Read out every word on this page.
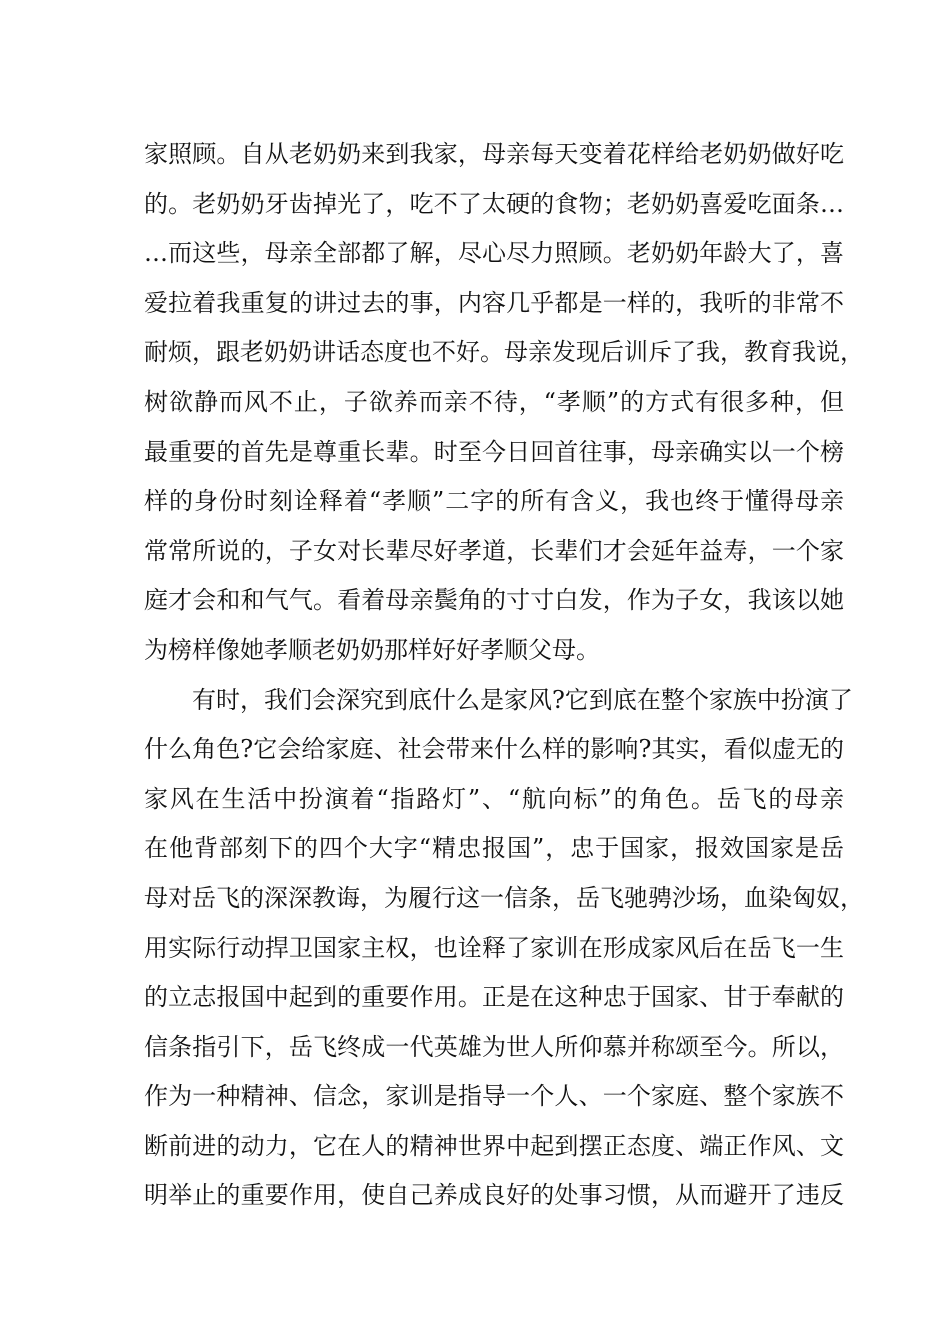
家照顾。自从老奶奶来到我家，母亲每天变着花样给老奶奶做好吃
的。老奶奶牙齿掉光了，吃不了太硬的食物；老奶奶喜爱吃面条…
…而这些，母亲全部都了解，尽心尽力照顾。老奶奶年龄大了，喜
爱拉着我重复的讲过去的事，内容几乎都是一样的，我听的非常不
耐烦，跟老奶奶讲话态度也不好。母亲发现后训斥了我，教育我说，
树欲静而风不止，子欲养而亲不待，“孝顺”的方式有很多种，但
最重要的首先是尊重长辈。时至今日回首往事，母亲确实以一个榜
样的身份时刻诠释着“孝顺”二字的所有含义，我也终于懂得母亲
常常所说的，子女对长辈尽好孝道，长辈们才会延年益寿，一个家
庭才会和和气气。看着母亲鬓角的寸寸白发，作为子女，我该以她
为榜样像她孝顺老奶奶那样好好孝顺父母。
有时，我们会深究到底什么是家风?它到底在整个家族中扮演了
什么角色?它会给家庭、社会带来什么样的影响?其实，看似虚无的
家风在生活中扮演着“指路灯”、“航向标”的角色。岳飞的母亲
在他背部刻下的四个大字“精忠报国”，忠于国家，报效国家是岳
母对岳飞的深深教诲，为履行这一信条，岳飞驰骋沙场，血染匈奴，
用实际行动捍卫国家主权，也诠释了家训在形成家风后在岳飞一生
的立志报国中起到的重要作用。正是在这种忠于国家、甘于奉献的
信条指引下，岳飞终成一代英雄为世人所仰慕并称颂至今。所以，
作为一种精神、信念，家训是指导一个人、一个家庭、整个家族不
断前进的动力，它在人的精神世界中起到摆正态度、端正作风、文
明举止的重要作用，使自己养成良好的处事习惯，从而避开了违反
